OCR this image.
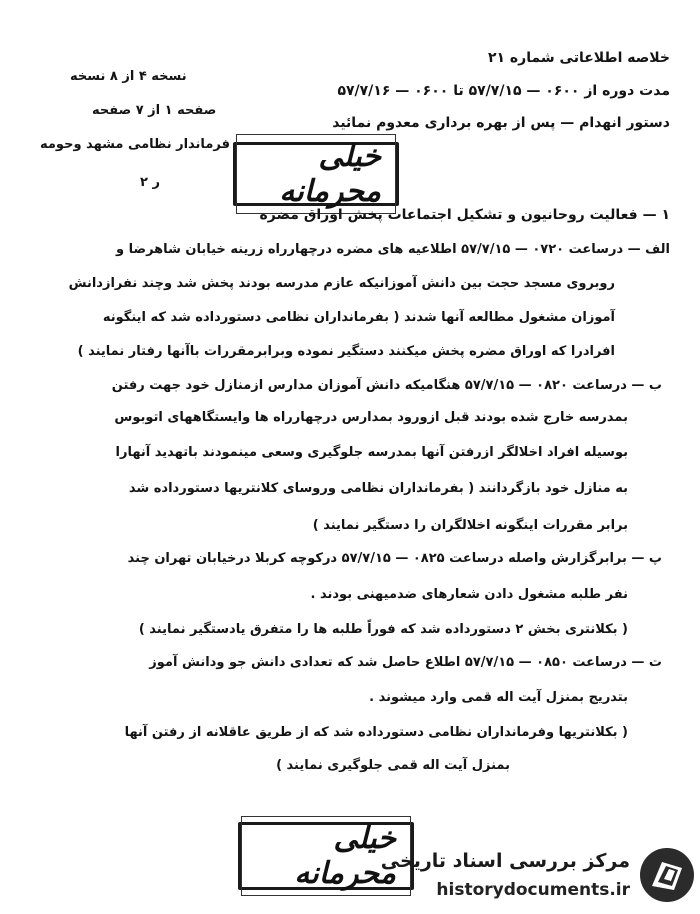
خلاصه اطلاعاتی شماره ۲۱
مدت دوره از ۰۶۰۰ — ۵۷/۷/۱۵ تا ۰۶۰۰ — ۵۷/۷/۱۶
دستور انهدام — پس از بهره برداری معدوم نمائید
نسخه ۴ از ۸ نسخه
صفحه ۱ از ۷ صفحه
فرماندار نظامی مشهد وحومه
ر ۲
خیلی محرمانه
۱ — فعالیت روحانیون و تشکیل اجتماعات پخش اوراق مضره
الف — درساعت ۰۷۲۰ — ۵۷/۷/۱۵ اطلاعیه های مضره درچهارراه زرینه خیابان شاهرضا و
روبروی مسجد حجت بین دانش آموزانیکه عازم مدرسه بودند پخش شد وچند نفرازدانش
آموزان مشغول مطالعه آنها شدند ( بفرمانداران نظامی دستورداده شد که اینگونه
افرادرا که اوراق مضره پخش میکنند دستگیر نموده وبرابرمقررات باآنها رفتار نمایند )
ب — درساعت ۰۸۲۰ — ۵۷/۷/۱۵ هنگامیکه دانش آموزان مدارس ازمنازل خود جهت رفتن
بمدرسه خارج شده بودند قبل ازورود بمدارس درچهارراه ها وایستگاههای اتوبوس
بوسیله افراد اخلالگر ازرفتن آنها بمدرسه جلوگیری وسعی مینمودند باتهدید آنهارا
به منازل خود بازگردانند ( بفرمانداران نظامی وروسای کلانتریها دستورداده شد
برابر مقررات اینگونه اخلالگران را دستگیر نمایند )
پ — برابرگزارش واصله درساعت ۰۸۲۵ — ۵۷/۷/۱۵ درکوچه کربلا درخیابان تهران چند
نفر طلبه مشغول دادن شعارهای ضدمیهنی بودند .
( بکلانتری بخش ۲ دستورداده شد که فوراً طلبه ها را متفرق یادستگیر نمایند )
ت — درساعت ۰۸۵۰ — ۵۷/۷/۱۵ اطلاع حاصل شد که تعدادی دانش جو ودانش آموز
بتدریج بمنزل آیت اله قمی وارد میشوند .
( بکلانتریها وفرمانداران نظامی دستورداده شد که از طریق عاقلانه از رفتن آنها
بمنزل آیت اله قمی جلوگیری نمایند )
خیلی محرمانه
مرکز بررسی اسناد تاریخی
historydocuments.ir
